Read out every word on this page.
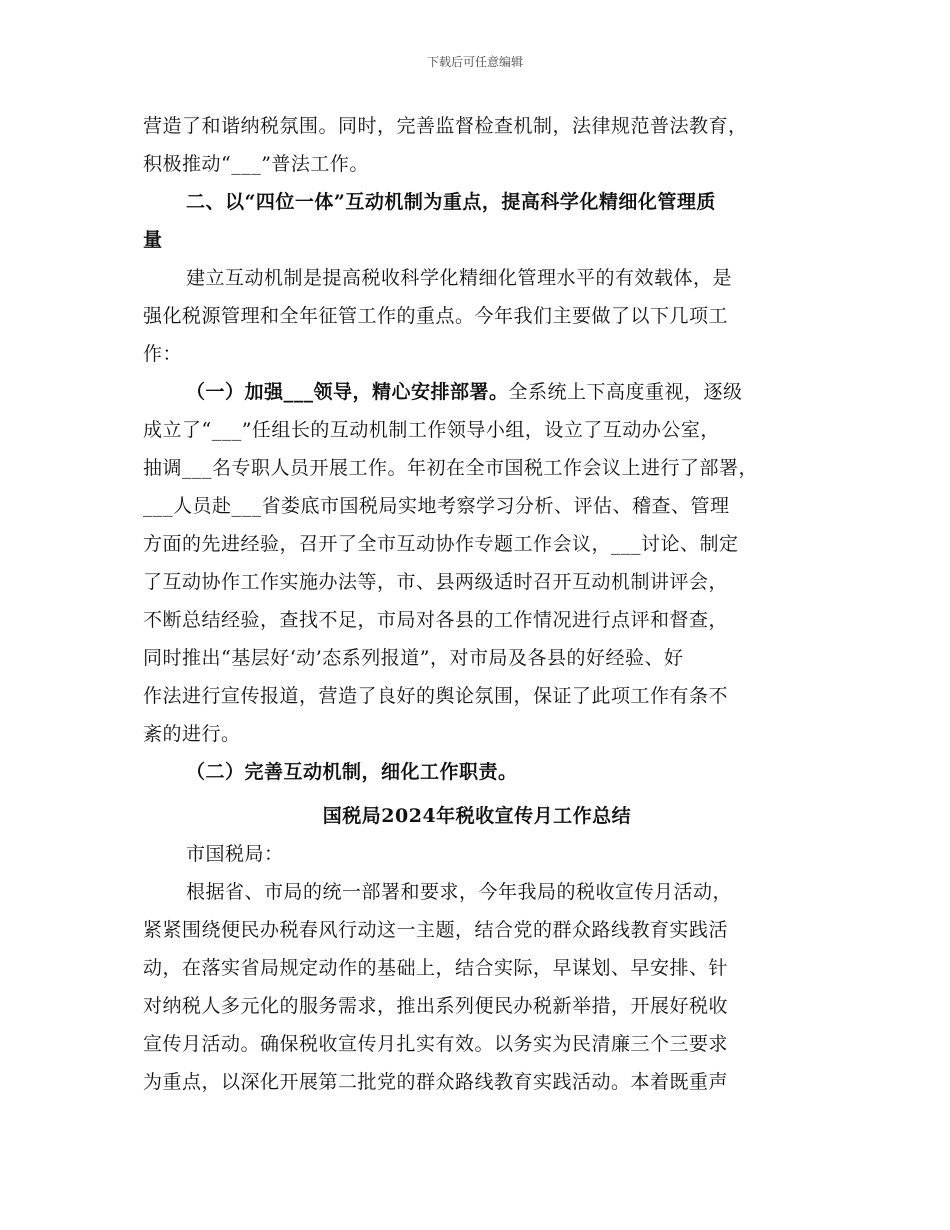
下载后可任意编辑
营造了和谐纳税氛围。同时，完善监督检查机制，法律规范普法教育，
积极推动“___”普法工作。
二、以“四位一体”互动机制为重点，提高科学化精细化管理质
量
建立互动机制是提高税收科学化精细化管理水平的有效载体，是
强化税源管理和全年征管工作的重点。今年我们主要做了以下几项工
作：
（一）加强___领导，精心安排部署。全系统上下高度重视，逐级
成立了“___”任组长的互动机制工作领导小组，设立了互动办公室，
抽调___名专职人员开展工作。年初在全市国税工作会议上进行了部署，
___人员赴___省娄底市国税局实地考察学习分析、评估、稽查、管理
方面的先进经验，召开了全市互动协作专题工作会议，___讨论、制定
了互动协作工作实施办法等，市、县两级适时召开互动机制讲评会，
不断总结经验，查找不足，市局对各县的工作情况进行点评和督查，
同时推出“基层好‘动’态系列报道”，对市局及各县的好经验、好
作法进行宣传报道，营造了良好的舆论氛围，保证了此项工作有条不
紊的进行。
（二）完善互动机制，细化工作职责。
国税局2024年税收宣传月工作总结
市国税局：
根据省、市局的统一部署和要求，今年我局的税收宣传月活动，
紧紧围绕便民办税春风行动这一主题，结合党的群众路线教育实践活
动，在落实省局规定动作的基础上，结合实际，早谋划、早安排、针
对纳税人多元化的服务需求，推出系列便民办税新举措，开展好税收
宣传月活动。确保税收宣传月扎实有效。以务实为民清廉三个三要求
为重点，以深化开展第二批党的群众路线教育实践活动。本着既重声
